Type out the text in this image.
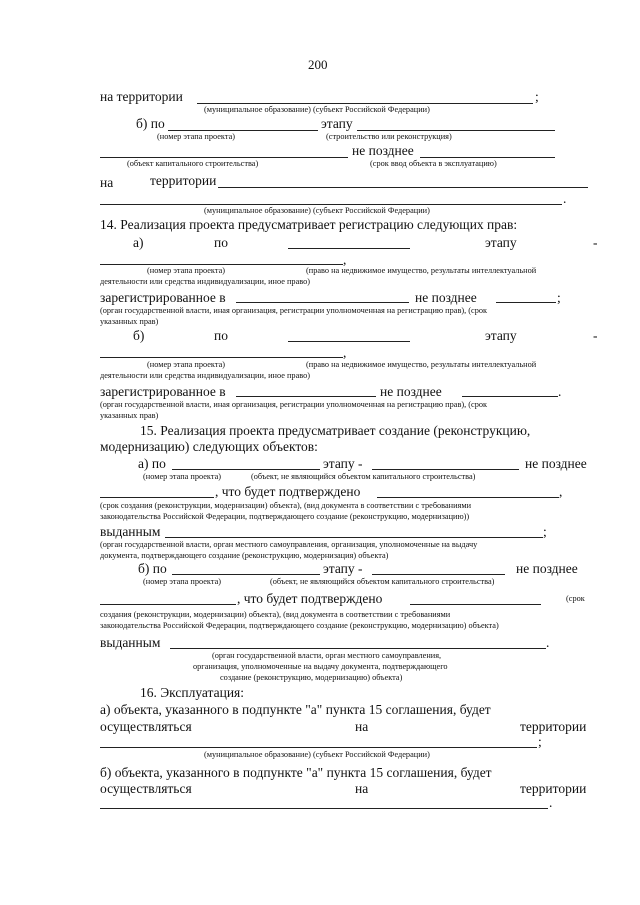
200
на территории	;
(муниципальное образование) (субъект Российской Федерации)
б) по	этапу
(номер этапа проекта)	(строительство или реконструкция)
не позднее
(объект капитального строительства)	(срок ввод объекта в эксплуатацию)
на	территории
.
(муниципальное образование) (субъект Российской Федерации)
14. Реализация проекта предусматривает регистрацию следующих прав:
а)	по	этапу	-
,
(номер этапа проекта)	(право на недвижимое имущество, результаты интеллектуальной
деятельности или средства индивидуализации, иное право)
зарегистрированное в	не позднее	;
(орган государственной власти, иная организация, регистрации уполномоченная на регистрацию прав), (срок
указанных прав)
б)	по	этапу	-
,
(номер этапа проекта)	(право на недвижимое имущество, результаты интеллектуальной
деятельности или средства индивидуализации, иное право)
зарегистрированное в	не позднее	.
(орган государственной власти, иная организация, регистрации уполномоченная на регистрацию прав), (срок
указанных прав)
15. Реализация проекта предусматривает создание (реконструкцию,
модернизацию) следующих объектов:
а) по	этапу -	не позднее
(номер этапа проекта)	(объект, не являющийся объектом капитального строительства)
, что будет подтверждено	,
(срок создания (реконструкции, модернизации) объекта), (вид документа в соответствии с требованиями
законодательства Российской Федерации, подтверждающего создание (реконструкцию, модернизацию))
выданным	;
(орган государственной власти, орган местного самоуправления, организация, уполномоченные на выдачу
документа, подтверждающего создание (реконструкцию, модернизация) объекта)
б) по	этапу -	не позднее
(номер этапа проекта)	(объект, не являющийся объектом капитального строительства)
, что будет подтверждено	(срок
создания (реконструкции, модернизации) объекта), (вид документа в соответствии с требованиями
законодательства Российской Федерации, подтверждающего создание (реконструкцию, модернизацию) объекта)
выданным	.
(орган государственной власти, орган местного самоуправления,
организация, уполномоченные на выдачу документа, подтверждающего
создание (реконструкцию, модернизацию) объекта)
16. Эксплуатация:
а) объекта, указанного в подпункте "а" пункта 15 соглашения, будет
осуществляться	на	территории
;
(муниципальное образование) (субъект Российской Федерации)
б) объекта, указанного в подпункте "а" пункта 15 соглашения, будет
осуществляться	на	территории
.
